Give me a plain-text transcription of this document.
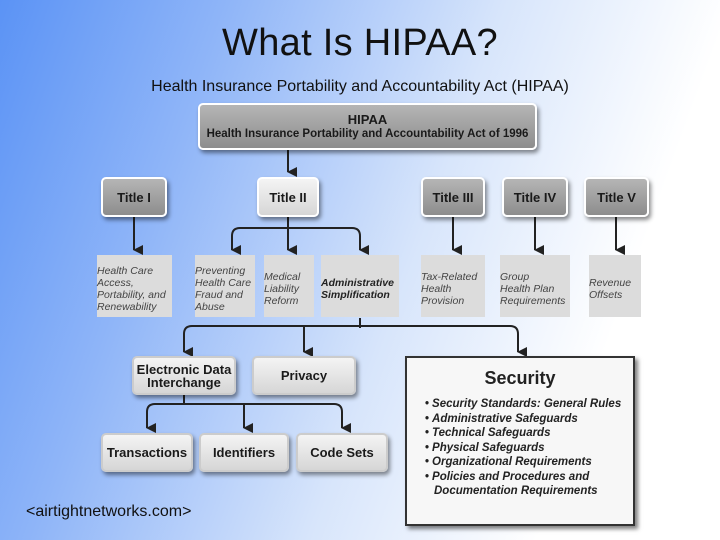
What Is HIPAA?
Health Insurance Portability and Accountability Act (HIPAA)
HIPAA
Health Insurance Portability and Accountability Act of 1996
Title I	Title II	Title III	Title IV	Title V
Health Care
Access,
Portability, and
Renewability
Preventing
Health Care
Fraud and
Abuse
Medical
Liability
Reform
Administrative
Simplification
Tax-Related
Health
Provision
Group
Health Plan
Requirements
Revenue
Offsets
Electronic Data
Interchange	Privacy	Security
• Security Standards: General Rules
• Administrative Safeguards
• Technical Safeguards
• Physical Safeguards
• Organizational Requirements
• Policies and Procedures and
Documentation Requirements
Transactions	Identifiers	Code Sets
<airtightnetworks.com>
